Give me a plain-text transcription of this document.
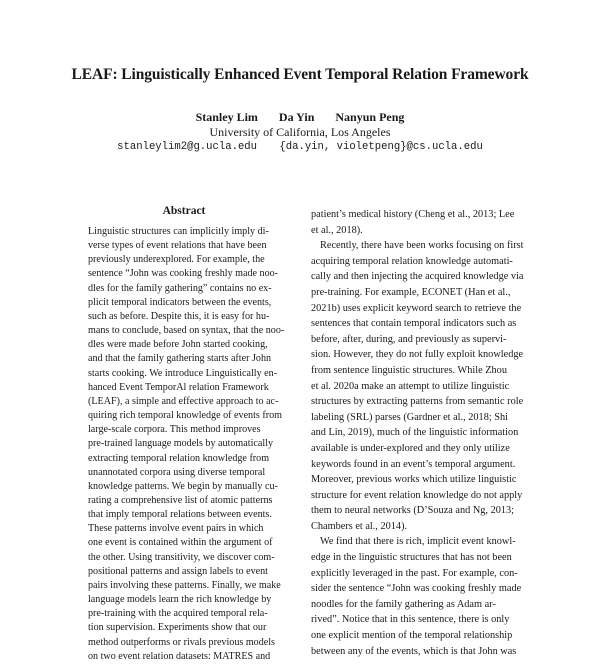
LEAF: Linguistically Enhanced Event Temporal Relation Framework
Stanley Lim Da Yin Nanyun Peng
University of California, Los Angeles
stanleylim2@g.ucla.edu {da.yin, violetpeng}@cs.ucla.edu
Abstract
Linguistic structures can implicitly imply di-
verse types of event relations that have been
previously underexplored. For example, the
sentence “John was cooking freshly made noo-
dles for the family gathering” contains no ex-
plicit temporal indicators between the events,
such as before. Despite this, it is easy for hu-
mans to conclude, based on syntax, that the noo-
dles were made before John started cooking,
and that the family gathering starts after John
starts cooking. We introduce Linguistically en-
hanced Event TemporAl relation Framework
(LEAF), a simple and effective approach to ac-
quiring rich temporal knowledge of events from
large-scale corpora. This method improves
pre-trained language models by automatically
extracting temporal relation knowledge from
unannotated corpora using diverse temporal
knowledge patterns. We begin by manually cu-
rating a comprehensive list of atomic patterns
that imply temporal relations between events.
These patterns involve event pairs in which
one event is contained within the argument of
the other. Using transitivity, we discover com-
positional patterns and assign labels to event
pairs involving these patterns. Finally, we make
language models learn the rich knowledge by
pre-training with the acquired temporal rela-
tion supervision. Experiments show that our
method outperforms or rivals previous models
on two event relation datasets: MATRES and
patient’s medical history (Cheng et al., 2013; Lee
et al., 2018).
Recently, there have been works focusing on first
acquiring temporal relation knowledge automati-
cally and then injecting the acquired knowledge via
pre-training. For example, ECONET (Han et al.,
2021b) uses explicit keyword search to retrieve the
sentences that contain temporal indicators such as
before, after, during, and previously as supervi-
sion. However, they do not fully exploit knowledge
from sentence linguistic structures. While Zhou
et al. 2020a make an attempt to utilize linguistic
structures by extracting patterns from semantic role
labeling (SRL) parses (Gardner et al., 2018; Shi
and Lin, 2019), much of the linguistic information
available is under-explored and they only utilize
keywords found in an event’s temporal argument.
Moreover, previous works which utilize linguistic
structure for event relation knowledge do not apply
them to neural networks (D’Souza and Ng, 2013;
Chambers et al., 2014).
We find that there is rich, implicit event knowl-
edge in the linguistic structures that has not been
explicitly leveraged in the past. For example, con-
sider the sentence “John was cooking freshly made
noodles for the family gathering as Adam ar-
rived”. Notice that in this sentence, there is only
one explicit mention of the temporal relationship
between any of the events, which is that John was
